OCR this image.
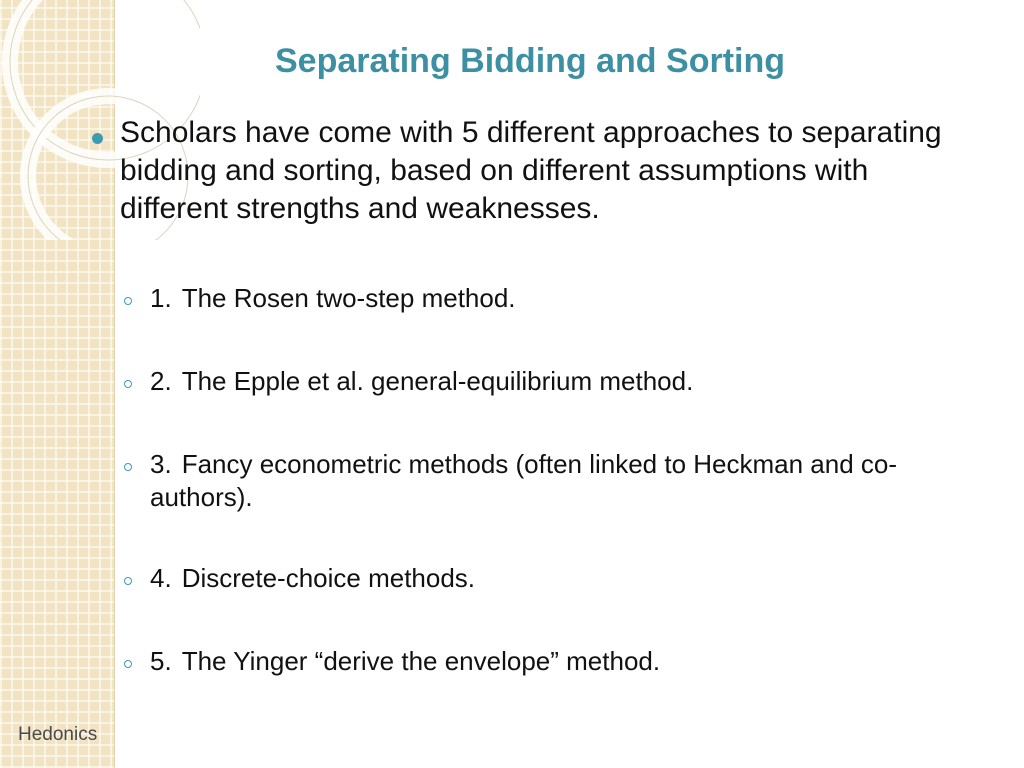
Hedonics
Separating Bidding and Sorting
Scholars have come with 5 different approaches to separating bidding and sorting, based on different assumptions with different strengths and weaknesses.
1. The Rosen two-step method.
2. The Epple et al. general-equilibrium method.
3. Fancy econometric methods (often linked to Heckman and co-authors).
4. Discrete-choice methods.
5. The Yinger “derive the envelope” method.
